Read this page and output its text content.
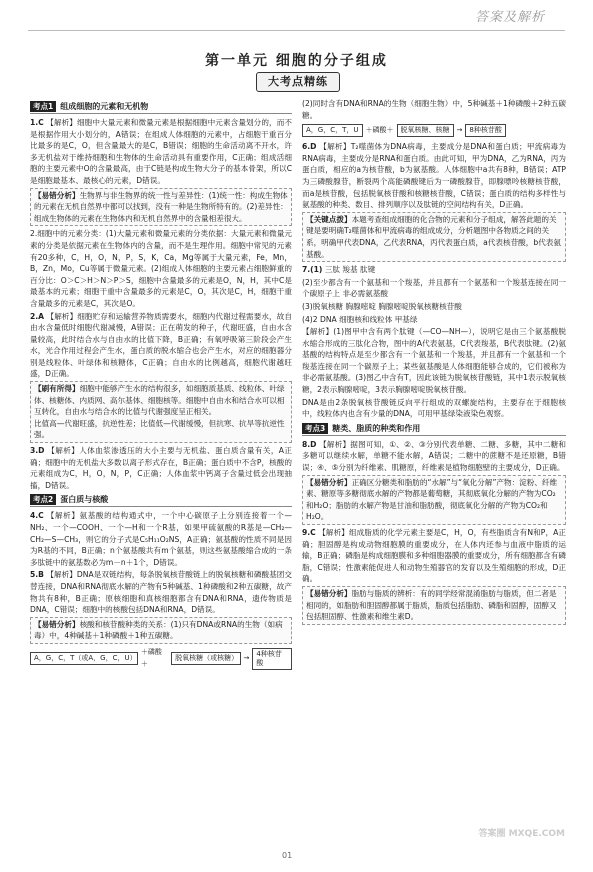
答案及解析
第一单元 细胞的分子组成
大考点精练
考点1 组成细胞的元素和无机物

1.C 【解析】细胞中大量元素和微量元素是根据细胞中元素含量划分的，而不是根据作用大小划分的，A错误；在组成人体细胞的元素中，占细胞干重百分比最多的是C，O，但含量最大的是C，B错误；细胞的生命活动离不开水，许多无机盐对于维持细胞和生物体的生命活动具有重要作用，C正确；组成活细胞的主要元素中O的含量最高，由于C链是构成生物大分子的基本骨架，所以C是细胞最基本、最核心的元素，D错误。

【易错分析】生物界与非生物界的统一性与差异性：(1)统一性：构成生物体的元素在无机自然界中都可以找到，没有一种是生物所特有的。(2)差异性：组成生物体的元素在生物体内和无机自然界中的含量相差很大。

2.细胞中的元素分类：(1)大量元素和微量元素的分类依据：大量元素和微量元素的分类是依据元素在生物体内的含量，而不是生理作用。细胞中常见的元素有20多种，C，H，O，N，P，S，K，Ca，Mg等属于大量元素，Fe，Mn，B，Zn，Mo，Cu等属于微量元素。(2)组成人体细胞的主要元素占细胞鲜重的百分比：O＞C＞H＞N＞P＞S，细胞中含量最多的元素是O，N，H，其中C是最基本的元素；细胞干重中含量最多的元素是C，O，其次是C，H，细胞干重含量最多的元素是C，其次是O。

2.A 【解析】细胞贮存和运输营养物质需要水，细胞内代谢过程需要水，故自由水含量低时细胞代谢减慢，A错误；正在萌发的种子，代谢旺盛，自由水含量较高，此时结合水与自由水的比值下降，B正确；有氧呼吸第三阶段会产生水，光合作用过程会产生水，蛋白质的脱水缩合也会产生水，对应的细胞器分别是线粒体、叶绿体和核糖体，C正确；自由水的比例越高，细胞代谢越旺盛，D正确。

【刷有所得】细胞中能够产生水的结构很多，如细胞质基质、线粒体、叶绿体、核糖体、内质网、高尔基体、细胞核等。细胞中自由水和结合水可以相互转化，自由水与结合水的比值与代谢强度呈正相关。
比值高—代谢旺盛，抗逆性差；比值低—代谢缓慢，但抗寒、抗旱等抗逆性强。

3.D 【解析】人体血浆渗透压的大小主要与无机盐、蛋白质含量有关，A正确；细胞中的无机盐大多数以离子形式存在，B正确；蛋白质中不含P，核酸的元素组成为C，H，O，N，P，C正确；人体血浆中钙离子含量过低会出现抽搐，D错误。

考点2 蛋白质与核酸

4.C 【解析】氨基酸的结构通式中，一个中心碳原子上分别连接着一个—NH₂、一个—COOH、一个—H和一个R基，如果甲硫氨酸的R基是—CH₂—CH₂—S—CH₃，则它的分子式是C₅H₁₁O₂NS，A正确；氨基酸的性质不同是因为R基的不同，B正确；n个氨基酸共有m个氨基，则这些氨基酸缩合成的一条多肽链中的氨基数必为m－n＋1个，D错误。

5.B 【解析】DNA是双链结构，每条脱氧核苷酸链上的脱氧核糖和磷酸基团交替连接，DNA和RNA彻底水解的产物有5种碱基、1种磷酸和2种五碳糖，故产物共有8种，B正确；原核细胞和真核细胞都含有DNA和RNA，遗传物质是DNA，C错误；细胞中的核酸包括DNA和RNA，D错误。

【易错分析】核酸和核苷酸种类的关系：(1)只有DNA或RNA的生物（如病毒）中，4种碱基＋1种磷酸＋1种五碳糖。
A，G，C，T（或A，G，C，U）
＋磷酸＋
脱氧核糖（或核糖） →
4种核苷酸

(2)同时含有DNA和RNA的生物（细胞生物）中，5种碱基＋1种磷酸＋2种五碳糖。

A，G，C，T，U	＋磷酸＋	脱氧核糖、核糖	→	8种核苷酸

6.D 【解析】T₂噬菌体为DNA病毒，主要成分是DNA和蛋白质；甲流病毒为RNA病毒，主要成分是RNA和蛋白质。由此可知，甲为DNA，乙为RNA，丙为蛋白质，相应的a为核苷酸，b为氨基酸。人体细胞中a共有8种，B错误；ATP为三磷酸腺苷，断裂两个高能磷酸键后为一磷酸腺苷，即腺嘌呤核糖核苷酸，而a是核苷酸，包括脱氧核苷酸和核糖核苷酸，C错误；蛋白质的结构多样性与氨基酸的种类、数目、排列顺序以及肽链的空间结构有关，D正确。

【关键点拨】本题考查组成细胞的化合物的元素和分子组成，解答此题的关键是要明确T₂噬菌体和甲流病毒的组成成分，分析题图中各物质之间的关系，明确甲代表DNA，乙代表RNA，丙代表蛋白质，a代表核苷酸，b代表氨基酸。

7.(1) 三肽 羧基 肽键

(2)至少都含有一个氨基和一个羧基，并且都有一个氨基和一个羧基连接在同一个碳原子上 非必需氨基酸

(3)脱氧核糖 胸腺嘧啶 胸腺嘧啶脱氧核糖核苷酸

(4)2 DNA 细胞核和线粒体 甲基绿

【解析】(1)图甲中含有两个肽键（—CO—NH—），说明它是由三个氨基酸脱水缩合形成的三肽化合物，图中的A代表氨基，C代表羧基，B代表肽键。(2)氨基酸的结构特点是至少都含有一个氨基和一个羧基，并且都有一个氨基和一个羧基连接在同一个碳原子上；某些氨基酸是人体细胞能够合成的，它们被称为非必需氨基酸。(3)图乙中含有T，因此该链为脱氧核苷酸链，其中1表示脱氧核糖，2表示胸腺嘧啶，3表示胸腺嘧啶脱氧核苷酸。

DNA是由2条脱氧核苷酸链反向平行组成的双螺旋结构，主要存在于细胞核中，线粒体内也含有少量的DNA，可用甲基绿染液染色观察。

考点3 糖类、脂质的种类和作用

8.D 【解析】据图可知，①、②、③分别代表单糖、二糖、多糖，其中二糖和多糖可以继续水解，单糖不能水解，A错误；二糖中的蔗糖不是还原糖，B错误；④、⑤分别为纤维素、肌糖原，纤维素是植物细胞壁的主要成分，D正确。

【易错分析】正确区分糖类和脂肪的“水解”与“氧化分解”产物：淀粉、纤维素、糖原等多糖彻底水解的产物都是葡萄糖，其彻底氧化分解的产物为CO₂和H₂O；脂肪的水解产物是甘油和脂肪酸，彻底氧化分解的产物为CO₂和H₂O。

9.C 【解析】组成脂质的化学元素主要是C，H，O，有些脂质含有N和P，A正确；胆固醇是构成动物细胞膜的重要成分，在人体内还参与血液中脂质的运输，B正确；磷脂是构成细胞膜和多种细胞器膜的重要成分，所有细胞都含有磷脂，C错误；性激素能促进人和动物生殖器官的发育以及生殖细胞的形成，D正确。

【易错分析】脂肪与脂质的辨析：有的同学经常混淆脂肪与脂质，但二者是相同的，如脂肪和胆固醇都属于脂质，脂质包括脂肪、磷脂和固醇，固醇又包括胆固醇、性激素和维生素D。
01
答案圈 MXQE.COM
